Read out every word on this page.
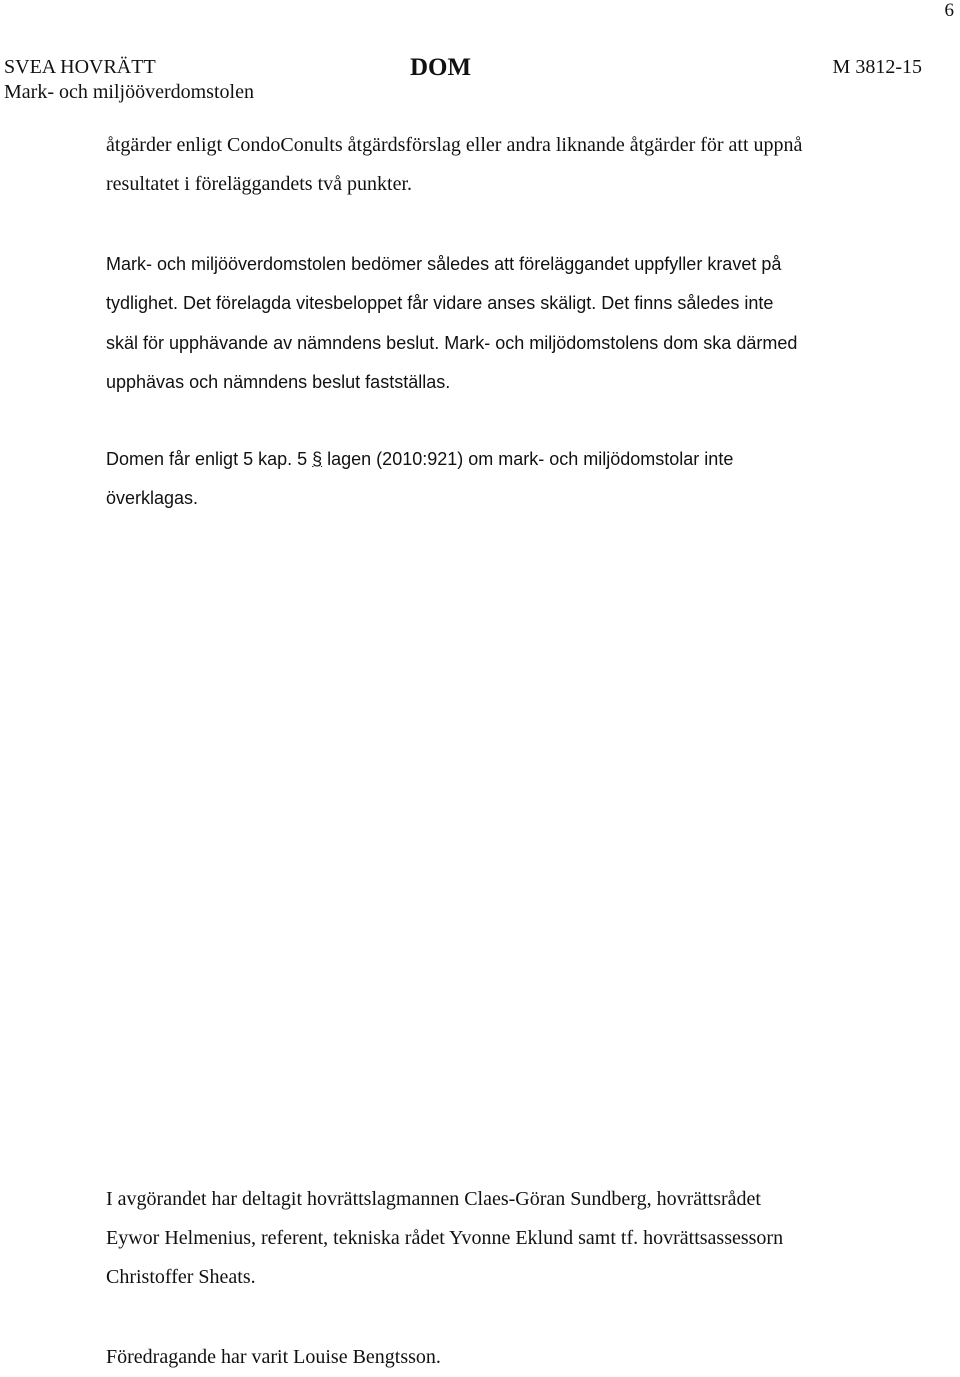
6
SVEA HOVRÄTT
Mark- och miljööverdomstolen
DOM	M 3812-15

åtgärder enligt CondoConults åtgärdsförslag eller andra liknande åtgärder för att uppnå
resultatet i föreläggandets två punkter.

Mark- och miljööverdomstolen bedömer således att föreläggandet uppfyller kravet på
tydlighet. Det förelagda vitesbeloppet får vidare anses skäligt. Det finns således inte
skäl för upphävande av nämndens beslut. Mark- och miljödomstolens dom ska därmed
upphävas och nämndens beslut fastställas.

Domen får enligt 5 kap. 5 § lagen (2010:921) om mark- och miljödomstolar inte
överklagas.

I avgörandet har deltagit hovrättslagmannen Claes-Göran Sundberg, hovrättsrådet
Eywor Helmenius, referent, tekniska rådet Yvonne Eklund samt tf. hovrättsassessorn
Christoffer Sheats.

Föredragande har varit Louise Bengtsson.
